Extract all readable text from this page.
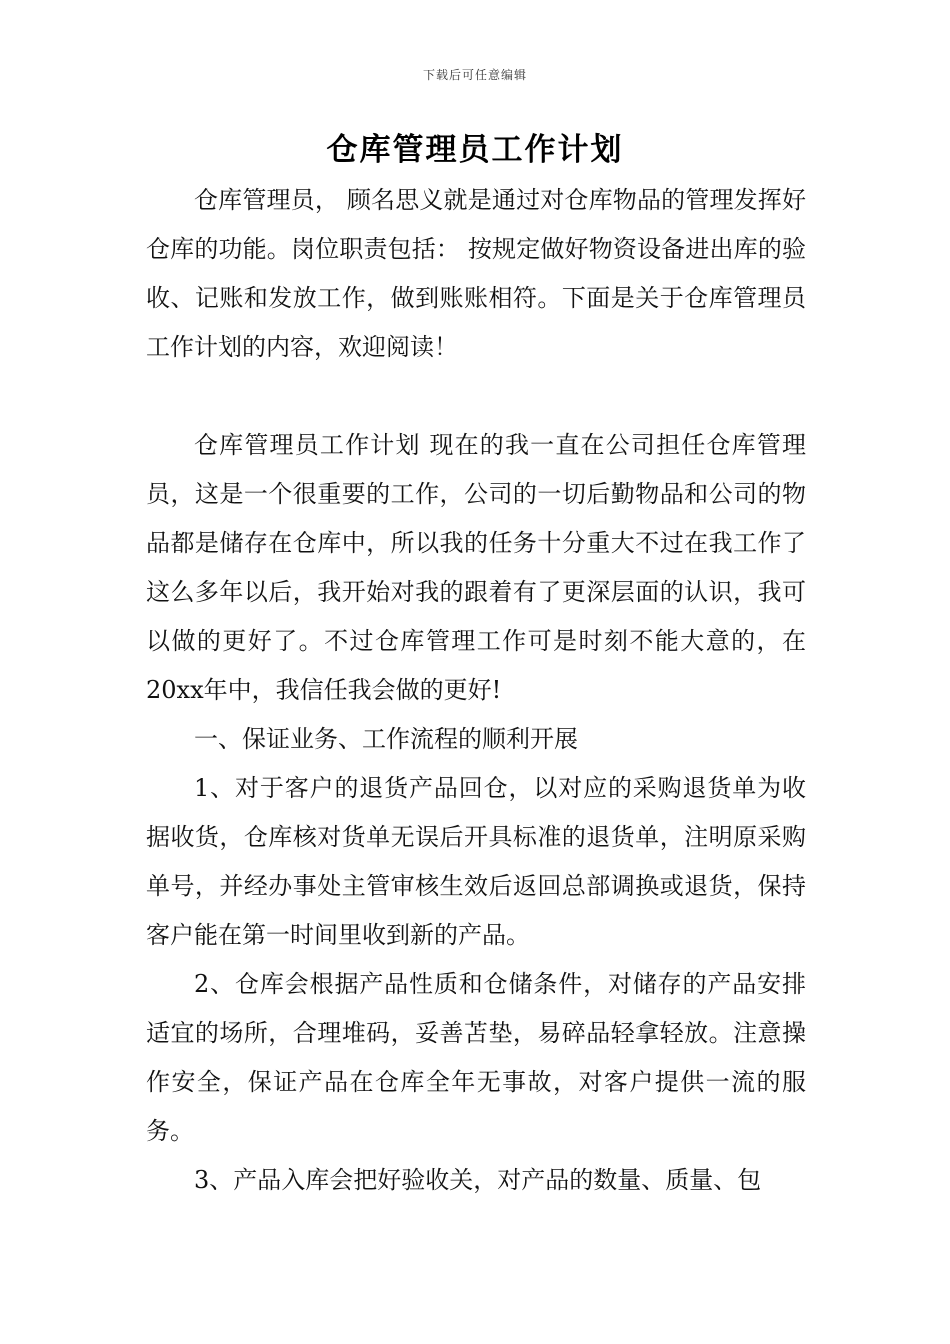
下载后可任意编辑
仓库管理员工作计划

仓库管理员， 顾名思义就是通过对仓库物品的管理发挥好仓库的功能。岗位职责包括： 按规定做好物资设备进出库的验收、记账和发放工作，做到账账相符。下面是关于仓库管理员工作计划的内容，欢迎阅读！

仓库管理员工作计划 现在的我一直在公司担任仓库管理员，这是一个很重要的工作，公司的一切后勤物品和公司的物品都是储存在仓库中，所以我的任务十分重大不过在我工作了这么多年以后，我开始对我的跟着有了更深层面的认识，我可以做的更好了。不过仓库管理工作可是时刻不能大意的，在20xx年中，我信任我会做的更好!

一、保证业务、工作流程的顺利开展

1、对于客户的退货产品回仓，以对应的采购退货单为收据收货，仓库核对货单无误后开具标准的退货单，注明原采购单号，并经办事处主管审核生效后返回总部调换或退货，保持客户能在第一时间里收到新的产品。

2、仓库会根据产品性质和仓储条件，对储存的产品安排适宜的场所，合理堆码，妥善苫垫，易碎品轻拿轻放。注意操作安全，保证产品在仓库全年无事故，对客户提供一流的服务。

3、产品入库会把好验收关，对产品的数量、质量、包
